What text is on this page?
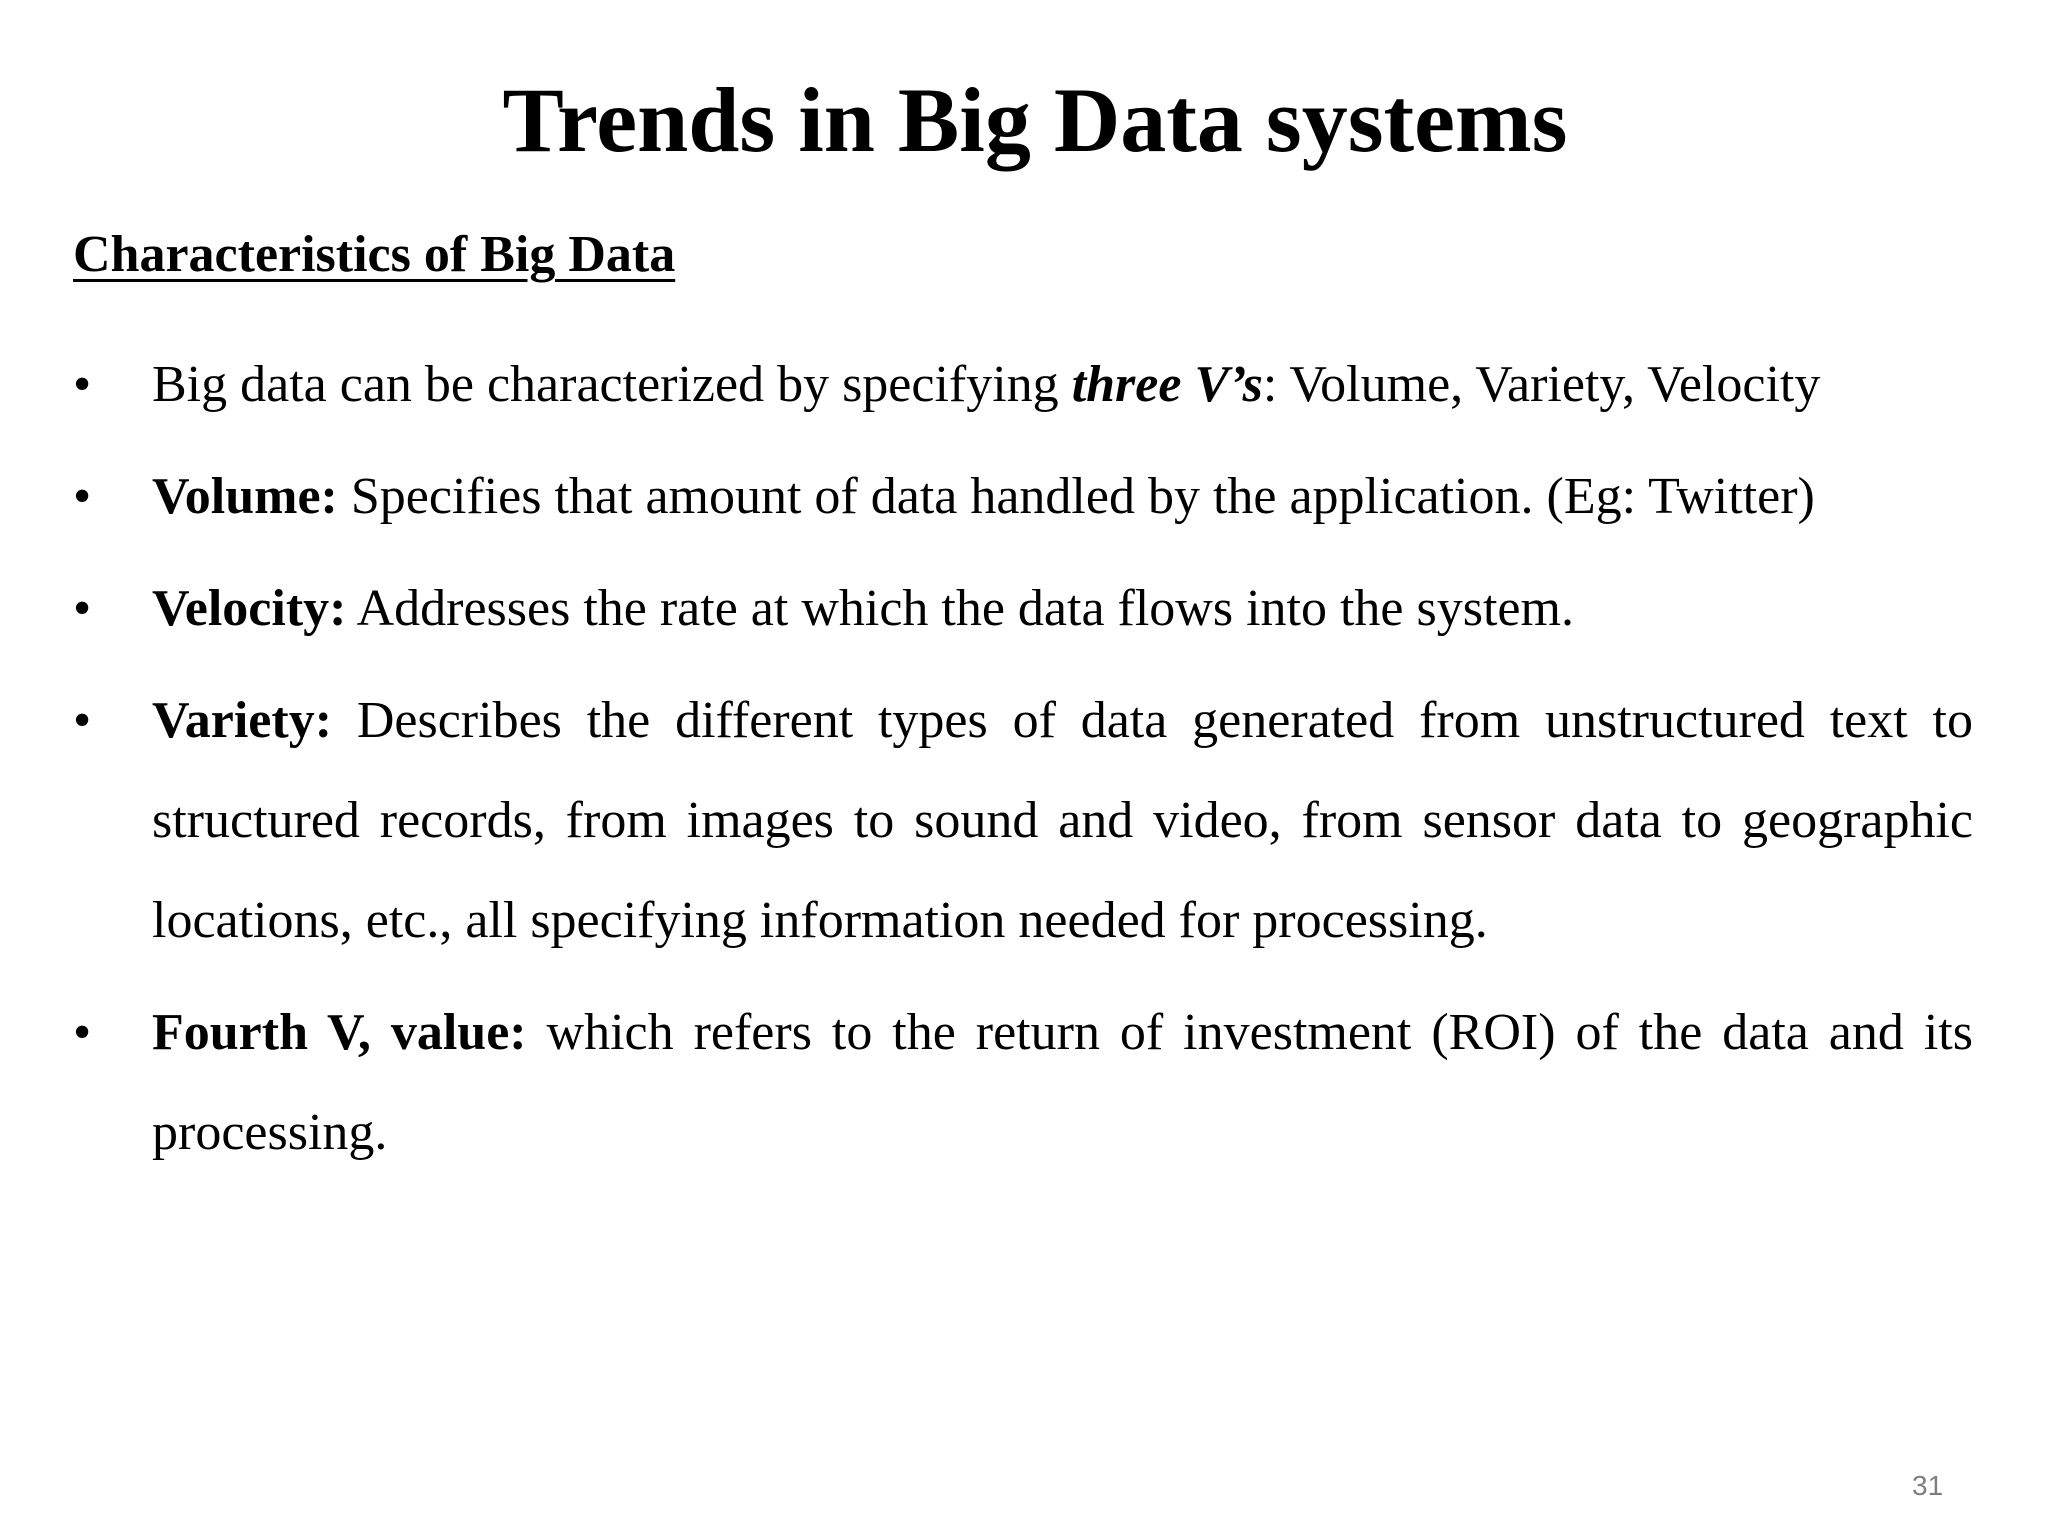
Trends in Big Data systems
Characteristics of Big Data
•	Big data can be characterized by specifying three V’s: Volume, Variety, Velocity
•	Volume: Specifies that amount of data handled by the application. (Eg: Twitter)
•	Velocity: Addresses the rate at which the data flows into the system.
•	Variety: Describes the different types of data generated from unstructured text to structured records, from images to sound and video, from sensor data to geographic locations, etc., all specifying information needed for processing.
•	Fourth V, value: which refers to the return of investment (ROI) of the data and its processing.
31
